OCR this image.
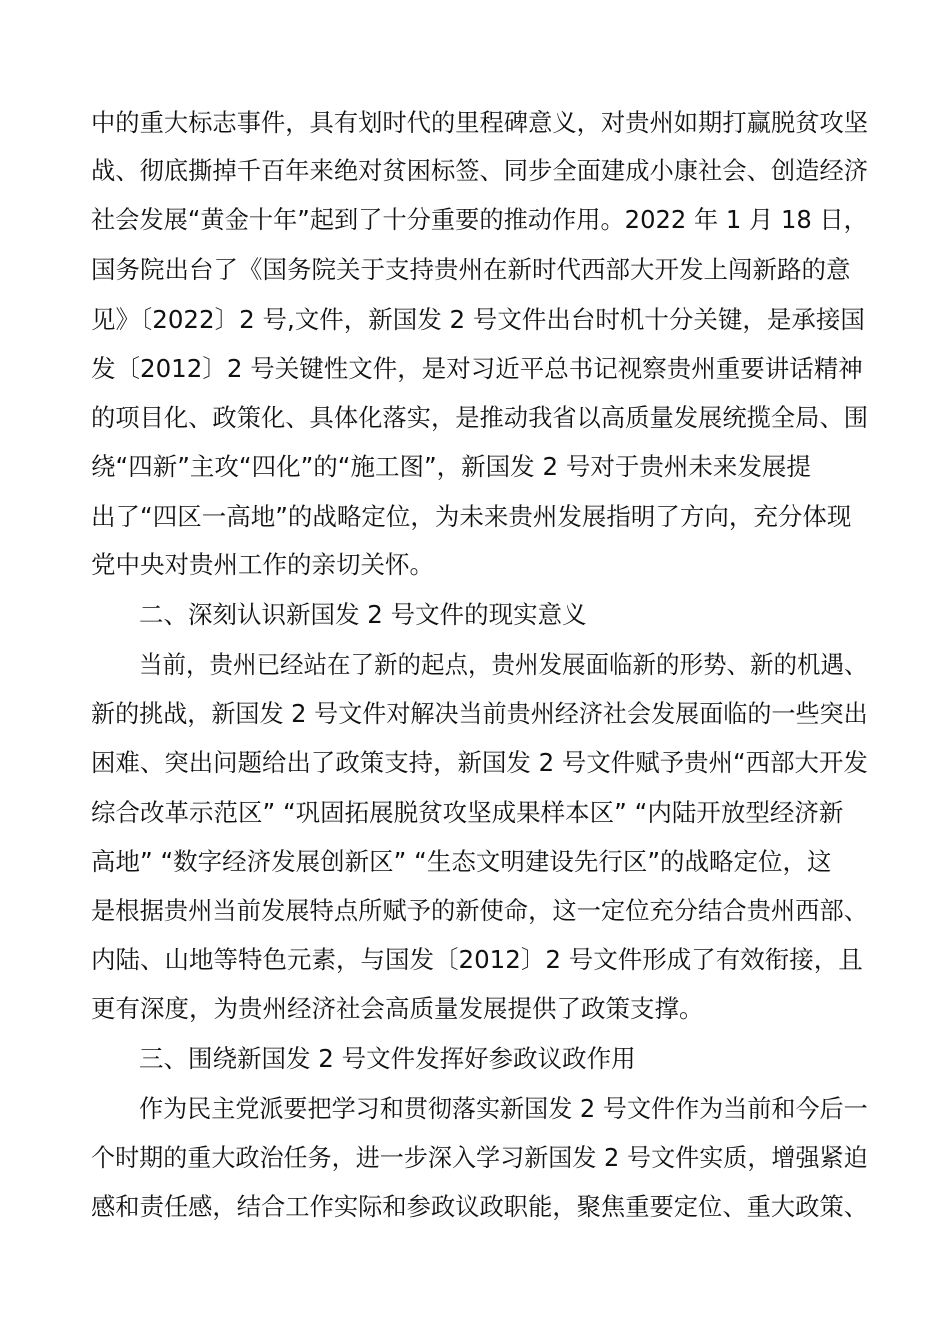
中的重大标志事件，具有划时代的里程碑意义，对贵州如期打赢脱贫攻坚
战、彻底撕掉千百年来绝对贫困标签、同步全面建成小康社会、创造经济
社会发展“黄金十年”起到了十分重要的推动作用。2022 年 1 月 18 日，
国务院出台了《国务院关于支持贵州在新时代西部大开发上闯新路的意
见》〔2022〕2 号,文件，新国发 2 号文件出台时机十分关键，是承接国
发〔2012〕2 号关键性文件，是对习近平总书记视察贵州重要讲话精神
的项目化、政策化、具体化落实，是推动我省以高质量发展统揽全局、围
绕“四新”主攻“四化”的“施工图”，新国发 2 号对于贵州未来发展提
出了“四区一高地”的战略定位，为未来贵州发展指明了方向，充分体现
党中央对贵州工作的亲切关怀。
二、深刻认识新国发 2 号文件的现实意义
当前，贵州已经站在了新的起点，贵州发展面临新的形势、新的机遇、
新的挑战，新国发 2 号文件对解决当前贵州经济社会发展面临的一些突出
困难、突出问题给出了政策支持，新国发 2 号文件赋予贵州“西部大开发
综合改革示范区” “巩固拓展脱贫攻坚成果样本区” “内陆开放型经济新
高地” “数字经济发展创新区” “生态文明建设先行区”的战略定位，这
是根据贵州当前发展特点所赋予的新使命，这一定位充分结合贵州西部、
内陆、山地等特色元素，与国发〔2012〕2 号文件形成了有效衔接，且
更有深度，为贵州经济社会高质量发展提供了政策支撑。
三、围绕新国发 2 号文件发挥好参政议政作用
作为民主党派要把学习和贯彻落实新国发 2 号文件作为当前和今后一
个时期的重大政治任务，进一步深入学习新国发 2 号文件实质，增强紧迫
感和责任感，结合工作实际和参政议政职能，聚焦重要定位、重大政策、
